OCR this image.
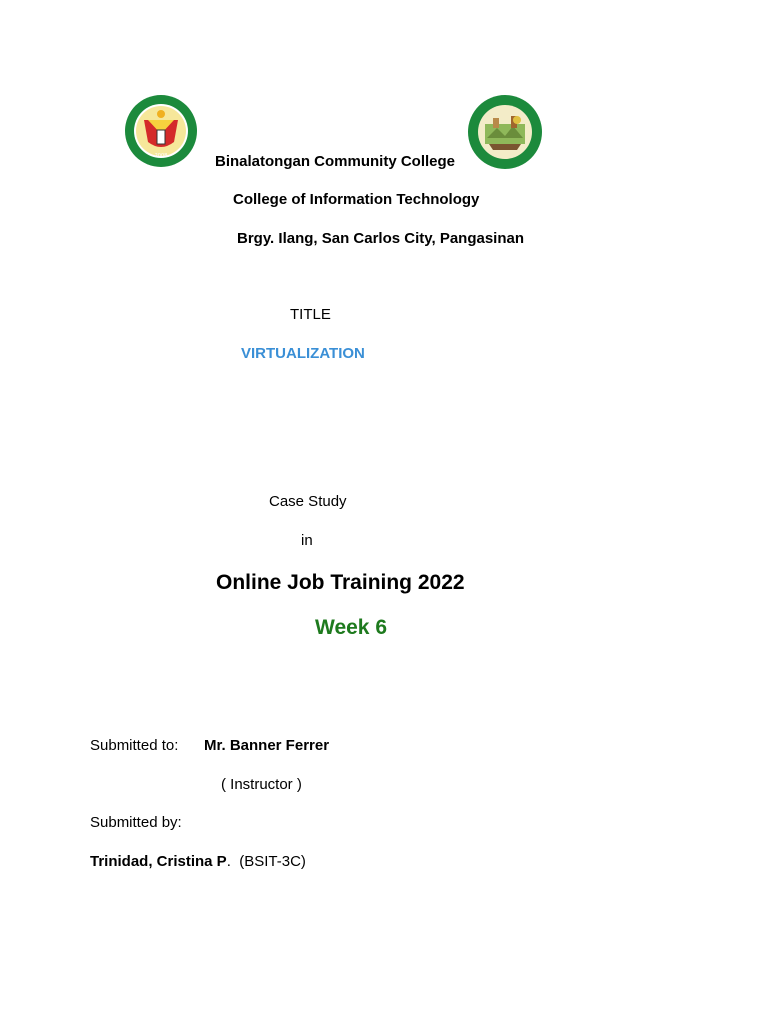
2008	Binalatongan Community College
College of Information Technology
Brgy. Ilang, San Carlos City, Pangasinan
TITLE
VIRTUALIZATION
Case Study
in
Online Job Training 2022
Week 6
Submitted to: Mr. Banner Ferrer
( Instructor )
Submitted by:
Trinidad, Cristina P. (BSIT-3C)
